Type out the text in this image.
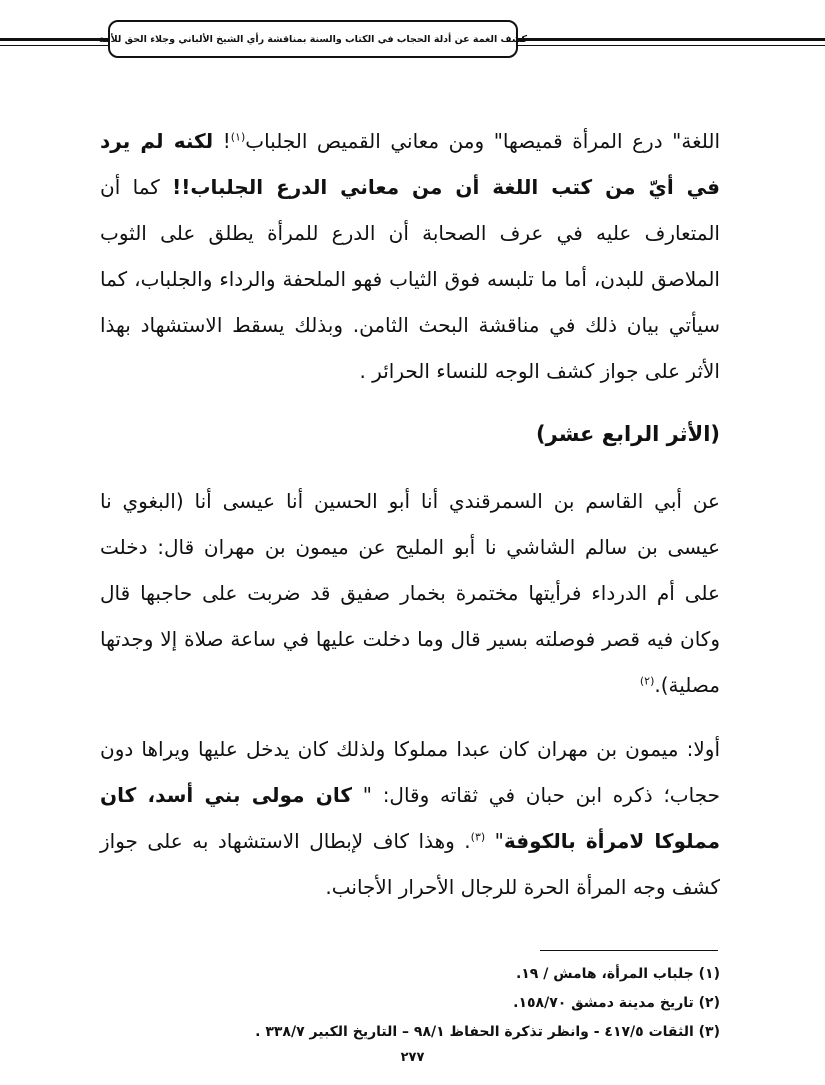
كشف الغمة عن أدلة الحجاب في الكتاب والسنة بمناقشة رأي الشيخ الألباني وجلاء الحق للأمة

اللغة" درع المرأة قميصها" ومن معاني القميص الجلباب$^{(١)}$! لكنه لم يرد في أيّ من كتب اللغة أن من معاني الدرع الجلباب!! كما أن المتعارف عليه في عرف الصحابة أن الدرع للمرأة يطلق على الثوب الملاصق للبدن، أما ما تلبسه فوق الثياب فهو الملحفة والرداء والجلباب، كما سيأتي بيان ذلك في مناقشة البحث الثامن. وبذلك يسقط الاستشهاد بهذا الأثر على جواز كشف الوجه للنساء الحرائر .

(الأثر الرابع عشر)

عن أبي القاسم بن السمرقندي أنا أبو الحسين أنا عيسى أنا (البغوي نا عيسى بن سالم الشاشي نا أبو المليح عن ميمون بن مهران قال: دخلت على أم الدرداء فرأيتها مختمرة بخمار صفيق قد ضربت على حاجبها قال وكان فيه قصر فوصلته بسير قال وما دخلت عليها في ساعة صلاة إلا وجدتها مصلية).$^{(٢)}$

أولا: ميمون بن مهران كان عبدا مملوكا ولذلك كان يدخل عليها ويراها دون حجاب؛ ذكره ابن حبان في ثقاته وقال: " كان مولى بني أسد، كان مملوكا لامرأة بالكوفة" $^{(٣)}$. وهذا كاف لإبطال الاستشهاد به على جواز كشف وجه المرأة الحرة للرجال الأحرار الأجانب.

(١) جلباب المرأة، هامش / ١٩.
(٢) تاريخ مدينة دمشق ١٥٨/٧٠.
(٣) الثقات ٤١٧/٥ - وانظر تذكرة الحفاظ ٩٨/١ – التاريخ الكبير ٣٣٨/٧ .
٢٧٧
